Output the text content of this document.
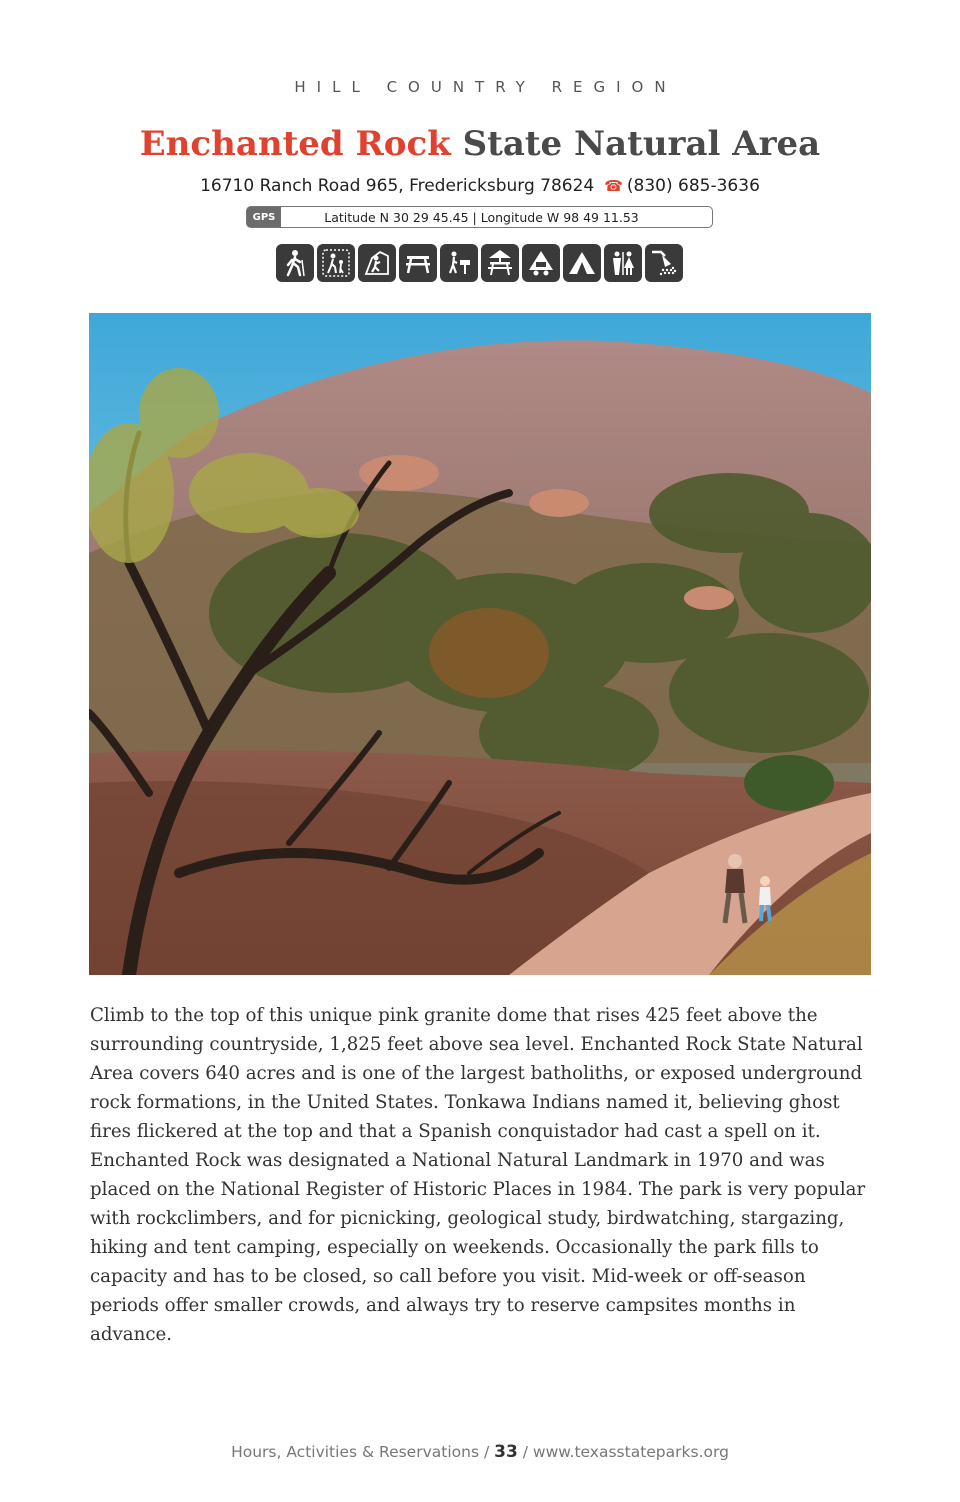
HILL COUNTRY REGION
Enchanted Rock State Natural Area
16710 Ranch Road 965, Fredericksburg 78624 ☎ (830) 685-3636
GPS	Latitude N 30 29 45.45 | Longitude W 98 49 11.53

Climb to the top of this unique pink granite dome that rises 425 feet above the surrounding countryside, 1,825 feet above sea level. Enchanted Rock State Natural Area covers 640 acres and is one of the largest batholiths, or exposed underground rock formations, in the United States. Tonkawa Indians named it, believing ghost fires flickered at the top and that a Spanish conquistador had cast a spell on it. Enchanted Rock was designated a National Natural Landmark in 1970 and was placed on the National Register of Historic Places in 1984. The park is very popular with rockclimbers, and for picnicking, geological study, birdwatching, stargazing, hiking and tent camping, especially on weekends. Occasionally the park fills to capacity and has to be closed, so call before you visit. Mid-week or off-season periods offer smaller crowds, and always try to reserve campsites months in advance.

Hours, Activities & Reservations / 33 / www.texasstateparks.org
